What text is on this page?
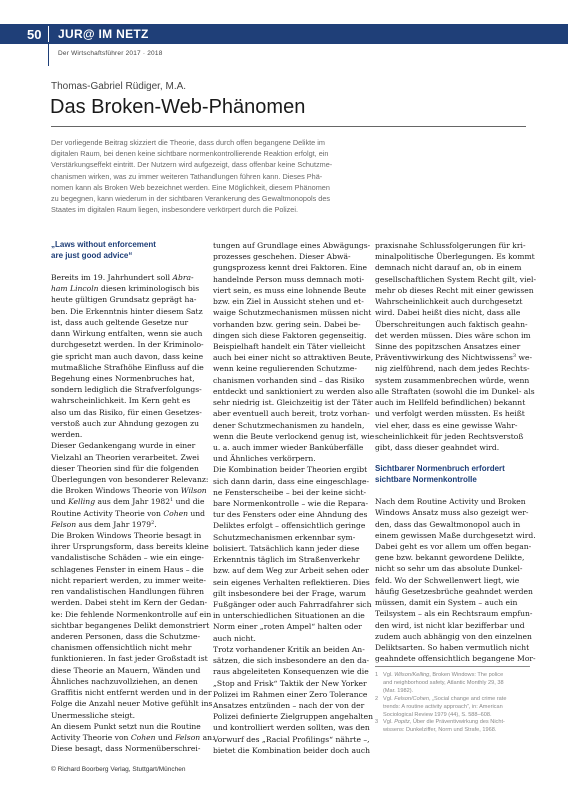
50 JUR@ IM NETZ
Der Wirtschaftsführer 2017 · 2018
Thomas-Gabriel Rüdiger, M.A.
Das Broken-Web-Phänomen
Der vorliegende Beitrag skizziert die Theorie, dass durch offen begangene Delikte im
digitalen Raum, bei denen keine sichtbare normenkontrollierende Reaktion erfolgt, ein
Verstärkungseffekt eintritt. Der Nutzern wird aufgezeigt, dass offenbar keine Schutzme-
chanismen wirken, was zu immer weiteren Tathandlungen führen kann. Dieses Phä-
nomen kann als Broken Web bezeichnet werden. Eine Möglichkeit, diesem Phänomen
zu begegnen, kann wiederum in der sichtbaren Verankerung des Gewaltmonopols des
Staates im digitalen Raum liegen, insbesondere verkörpert durch die Polizei.
„Laws without enforcement
are just good advice“
Bereits im 19. Jahrhundert soll Abra-
ham Lincoln diesen kriminologisch bis
heute gültigen Grundsatz geprägt ha-
ben. Die Erkenntnis hinter diesem Satz
ist, dass auch geltende Gesetze nur
dann Wirkung entfalten, wenn sie auch
durchgesetzt werden. In der Kriminolo-
gie spricht man auch davon, dass keine
mutmaßliche Strafhöhe Einfluss auf die
Begehung eines Normenbruches hat,
sondern lediglich die Strafverfolgungs-
wahrscheinlichkeit. Im Kern geht es
also um das Risiko, für einen Gesetzes-
verstoß auch zur Ahndung gezogen zu
werden.
Dieser Gedankengang wurde in einer
Vielzahl an Theorien verarbeitet. Zwei
dieser Theorien sind für die folgenden
Überlegungen von besonderer Relevanz:
die Broken Windows Theorie von Wilson
und Kelling aus dem Jahr 1982$^1$ und die
Routine Activity Theorie von Cohen und
Felson aus dem Jahr 1979$^2$.
Die Broken Windows Theorie besagt in
ihrer Ursprungsform, dass bereits kleine
vandalistische Schäden – wie ein einge-
schlagenes Fenster in einem Haus – die
nicht repariert werden, zu immer weite-
ren vandalistischen Handlungen führen
werden. Dabei steht im Kern der Gedan-
ke: Die fehlende Normenkontrolle auf ein
sichtbar begangenes Delikt demonstriert
anderen Personen, dass die Schutzme-
chanismen offensichtlich nicht mehr
funktionieren. In fast jeder Großstadt ist
diese Theorie an Mauern, Wänden und
Ähnliches nachzuvollziehen, an denen
Graffitis nicht entfernt werden und in der
Folge die Anzahl neuer Motive gefühlt ins
Unermessliche steigt.
An diesem Punkt setzt nun die Routine
Activity Theorie von Cohen und Felson an.
Diese besagt, dass Normenüberschrei-
tungen auf Grundlage eines Abwägungs-
prozesses geschehen. Dieser Abwä-
gungsprozess kennt drei Faktoren. Eine
handelnde Person muss demnach moti-
viert sein, es muss eine lohnende Beute
bzw. ein Ziel in Aussicht stehen und et-
waige Schutzmechanismen müssen nicht
vorhanden bzw. gering sein. Dabei be-
dingen sich diese Faktoren gegenseitig.
Beispielhaft handelt ein Täter vielleicht
auch bei einer nicht so attraktiven Beute,
wenn keine regulierenden Schutzme-
chanismen vorhanden sind – das Risiko
entdeckt und sanktioniert zu werden also
sehr niedrig ist. Gleichzeitig ist der Täter
aber eventuell auch bereit, trotz vorhan-
dener Schutzmechanismen zu handeln,
wenn die Beute verlockend genug ist, wie
u. a. auch immer wieder Bankúberfälle
und Ähnliches verkörpern.
Die Kombination beider Theorien ergibt
sich dann darin, dass eine eingeschlage-
ne Fensterscheibe – bei der keine sicht-
bare Normenkontrolle – wie die Repara-
tur des Fensters oder eine Ahndung des
Deliktes erfolgt – offensichtlich geringe
Schutzmechanismen erkennbar sym-
bolisiert. Tatsächlich kann jeder diese
Erkenntnis täglich im Straßenverkehr
bzw. auf dem Weg zur Arbeit sehen oder
sein eigenes Verhalten reflektieren. Dies
gilt insbesondere bei der Frage, warum
Fußgänger oder auch Fahrradfahrer sich
in unterschiedlichen Situationen an die
Norm einer „roten Ampel“ halten oder
auch nicht.
Trotz vorhandener Kritik an beiden An-
sätzen, die sich insbesondere an den da-
raus abgeleiteten Konsequenzen wie die
„Stop and Frisk“ Taktik der New Yorker
Polizei im Rahmen einer Zero Tolerance
Ansatzes entzünden – nach der von der
Polizei definierte Zielgruppen angehalten
und kontrolliert werden sollten, was den
Vorwurf des „Racial Profilings“ nährte –,
bietet die Kombination beider doch auch
praxisnahe Schlussfolgerungen für kri-
minalpolitische Überlegungen. Es kommt
demnach nicht darauf an, ob in einem
gesellschaftlichen System Recht gilt, viel-
mehr ob dieses Recht mit einer gewissen
Wahrscheinlichkeit auch durchgesetzt
wird. Dabei heißt dies nicht, dass alle
Überschreitungen auch faktisch geahn-
det werden müssen. Dies wäre schon im
Sinne des popitzschen Ansatzes einer
Präventivwirkung des Nichtwissens$^3$ we-
nig zielführend, nach dem jedes Rechts-
system zusammenbrechen würde, wenn
alle Straftaten (sowohl die im Dunkel- als
auch im Hellfeld befindlichen) bekannt
und verfolgt werden müssten. Es heißt
viel eher, dass es eine gewisse Wahr-
scheinlichkeit für jeden Rechtsverstoß
gibt, dass dieser geahndet wird.
Sichtbarer Normenbruch erfordert
sichtbare Normenkontrolle
Nach dem Routine Activity und Broken
Windows Ansatz muss also gezeigt wer-
den, dass das Gewaltmonopol auch in
einem gewissen Maße durchgesetzt wird.
Dabei geht es vor allem um offen began-
gene bzw. bekannt gewordene Delikte,
nicht so sehr um das absolute Dunkel-
feld. Wo der Schwellenwert liegt, wie
häufig Gesetzesbrüche geahndet werden
müssen, damit ein System – auch ein
Teilsystem – als ein Rechtsraum empfun-
den wird, ist nicht klar bezifferbar und
zudem auch abhängig von den einzelnen
Deliktsarten. So haben vermutlich nicht
geahndete offensichtlich begangene Mor-
1 Vgl. Wilson/Kelling, Broken Windows: The police
and neighborhood safety, Atlantic Monthly 29, 38
(Mar. 1982).
2 Vgl. Felson/Cohen, „Social change and crime rate
trends: A routine activity approach“, in: American
Sociological Review 1979 (44), S. 588–608.
3 Vgl. Popitz, Über die Präventivwirkung des Nicht-
wissens: Dunkelziffer, Norm und Strafe, 1968.
© Richard Boorberg Verlag, Stuttgart/München
